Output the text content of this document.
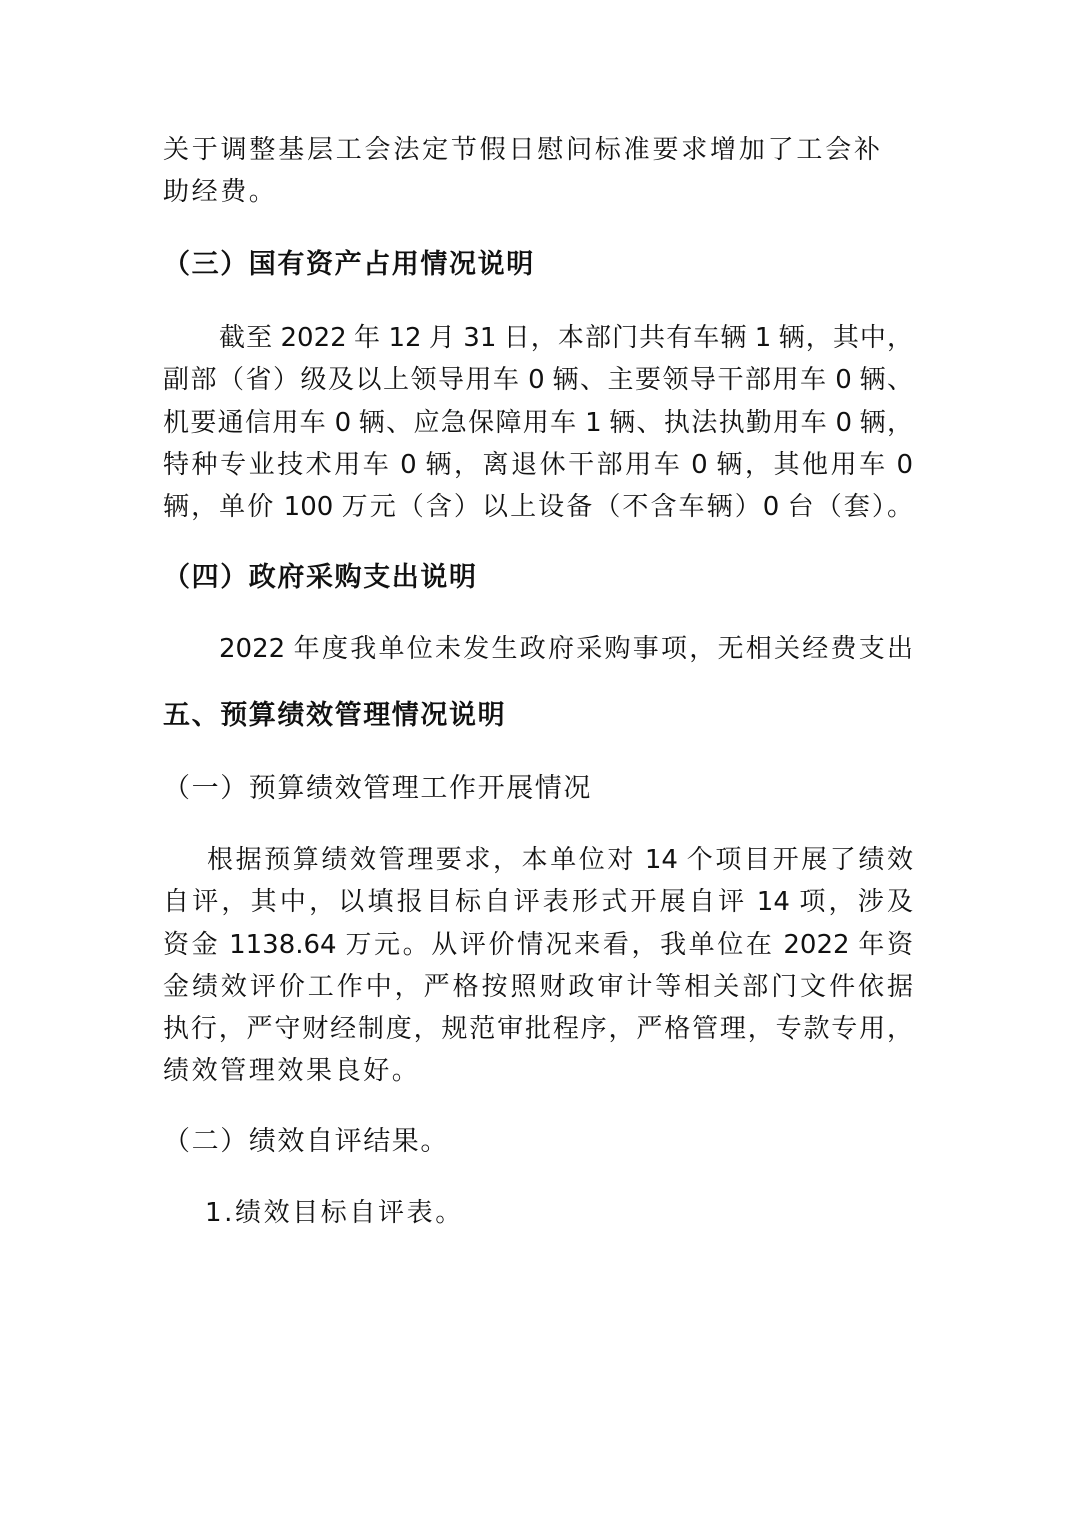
关于调整基层工会法定节假日慰问标准要求增加了工会补
助经费。
（三）国有资产占用情况说明
截至 2022 年 12 月 31 日，本部门共有车辆 1 辆，其中，
副部（省）级及以上领导用车 0 辆、主要领导干部用车 0 辆、
机要通信用车 0 辆、应急保障用车 1 辆、执法执勤用车 0 辆，
特种专业技术用车 0 辆，离退休干部用车 0 辆，其他用车 0
辆，单价 100 万元（含）以上设备（不含车辆）0 台（套）。
（四）政府采购支出说明
2022 年度我单位未发生政府采购事项，无相关经费支出
五、预算绩效管理情况说明
（一）预算绩效管理工作开展情况
根据预算绩效管理要求，本单位对 14 个项目开展了绩效
自评，其中，以填报目标自评表形式开展自评 14 项，涉及
资金 1138.64 万元。从评价情况来看，我单位在 2022 年资
金绩效评价工作中，严格按照财政审计等相关部门文件依据
执行，严守财经制度，规范审批程序，严格管理，专款专用，
绩效管理效果良好。
（二）绩效自评结果。
1.绩效目标自评表。
